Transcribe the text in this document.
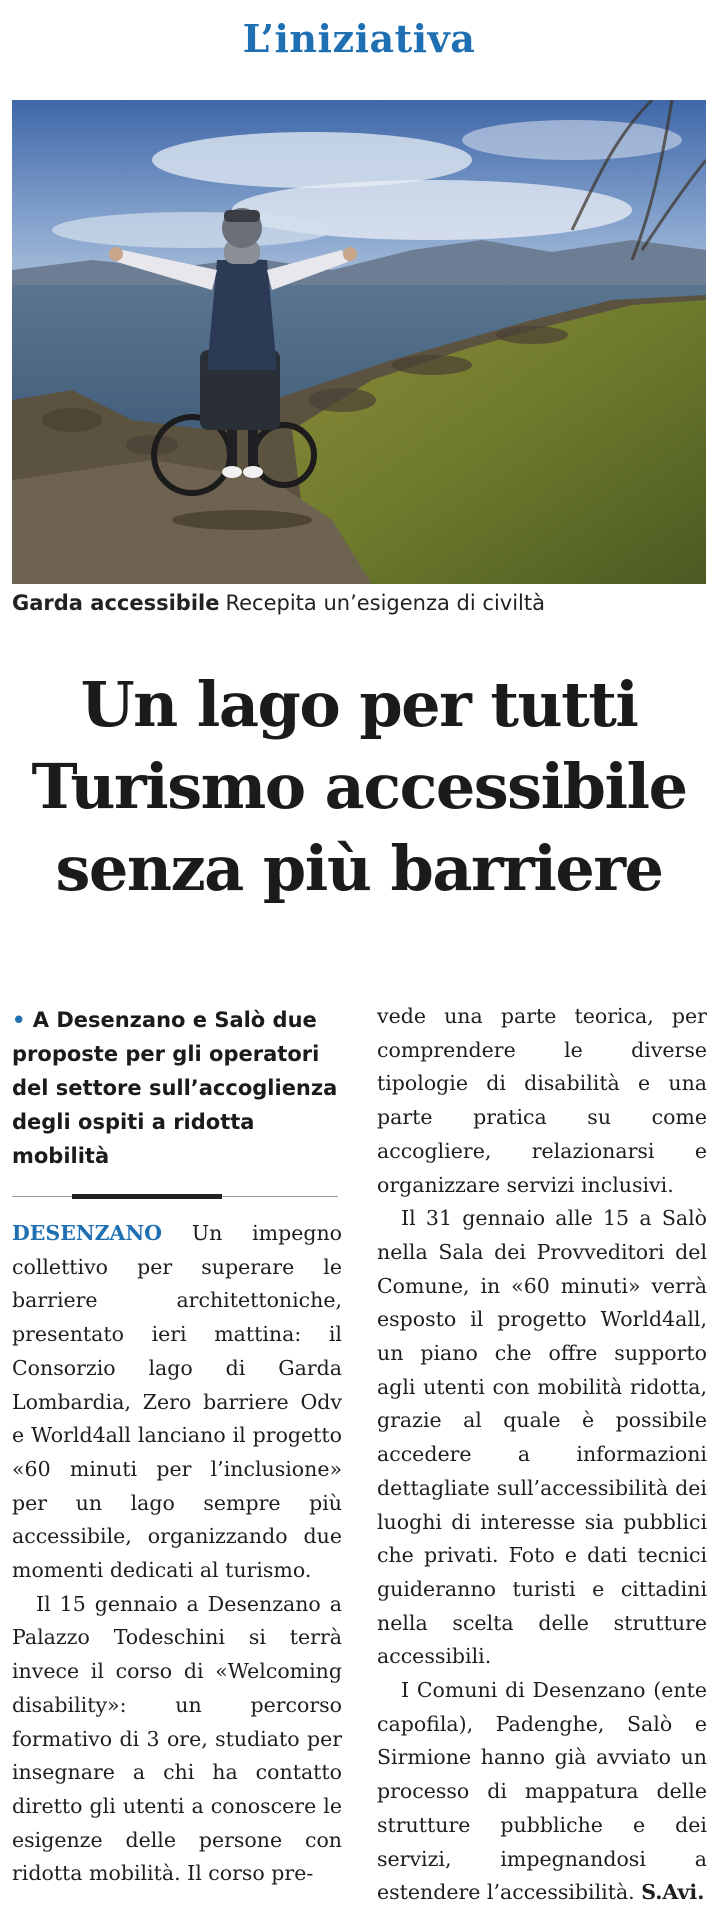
L’iniziativa
Garda accessibile Recepita un’esigenza di civiltà
Un lago per tutti
Turismo accessibile
senza più barriere
• A Desenzano e Salò due proposte per gli operatori del settore sull’accoglienza degli ospiti a ridotta mobilità

DESENZANO Un impegno collettivo per superare le barriere architettoniche, presentato ieri mattina: il Consorzio lago di Garda Lombardia, Zero barriere Odv e World4all lanciano il progetto «60 minuti per l’inclusione» per un lago sempre più accessibile, organizzando due momenti dedicati al turismo.

Il 15 gennaio a Desenzano a Palazzo Todeschini si terrà invece il corso di «Welcoming disability»: un percorso formativo di 3 ore, studiato per insegnare a chi ha contatto diretto gli utenti a conoscere le esigenze delle persone con ridotta mobilità. Il corso pre-

vede una parte teorica, per comprendere le diverse tipologie di disabilità e una parte pratica su come accogliere, relazionarsi e organizzare servizi inclusivi.

Il 31 gennaio alle 15 a Salò nella Sala dei Provveditori del Comune, in «60 minuti» verrà esposto il progetto World4all, un piano che offre supporto agli utenti con mobilità ridotta, grazie al quale è possibile accedere a informazioni dettagliate sull’accessibilità dei luoghi di interesse sia pubblici che privati. Foto e dati tecnici guideranno turisti e cittadini nella scelta delle strutture accessibili.

I Comuni di Desenzano (ente capofila), Padenghe, Salò e Sirmione hanno già avviato un processo di mappatura delle strutture pubbliche e dei servizi, impegnandosi a estendere l’accessibilità. S.Avi.
